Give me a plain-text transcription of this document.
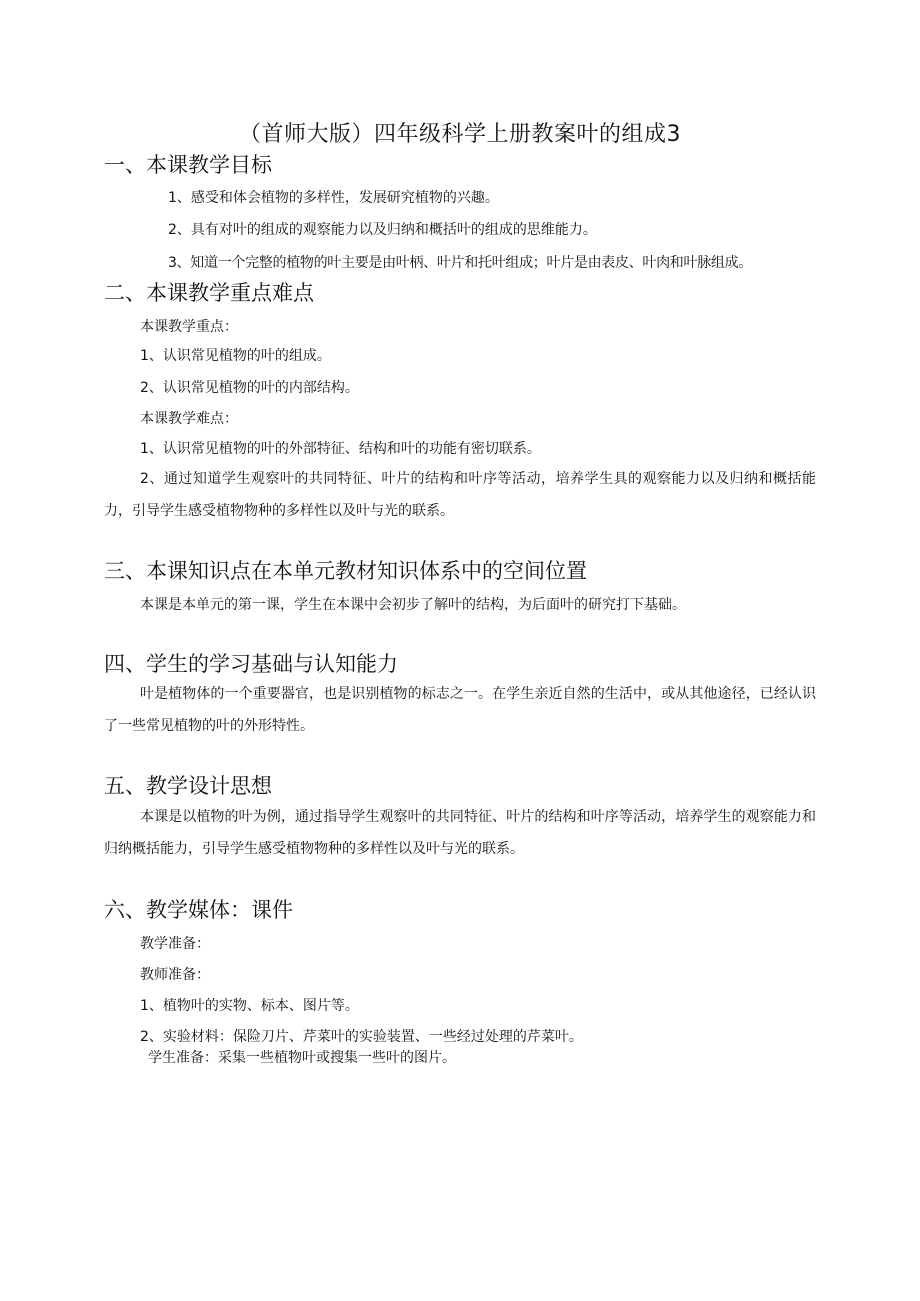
（首师大版）四年级科学上册教案叶的组成3
一、本课教学目标
1、感受和体会植物的多样性，发展研究植物的兴趣。
2、具有对叶的组成的观察能力以及归纳和概括叶的组成的思维能力。
3、知道一个完整的植物的叶主要是由叶柄、叶片和托叶组成；叶片是由表皮、叶肉和叶脉组成。
二、本课教学重点难点
本课教学重点：
1、认识常见植物的叶的组成。
2、认识常见植物的叶的内部结构。
本课教学难点：
1、认识常见植物的叶的外部特征、结构和叶的功能有密切联系。
2、通过知道学生观察叶的共同特征、叶片的结构和叶序等活动，培养学生具的观察能力以及归纳和概括能力，引导学生感受植物物种的多样性以及叶与光的联系。
三、本课知识点在本单元教材知识体系中的空间位置
本课是本单元的第一课，学生在本课中会初步了解叶的结构，为后面叶的研究打下基础。
四、学生的学习基础与认知能力
叶是植物体的一个重要器官，也是识别植物的标志之一。在学生亲近自然的生活中，或从其他途径，已经认识了一些常见植物的叶的外形特性。
五、教学设计思想
本课是以植物的叶为例，通过指导学生观察叶的共同特征、叶片的结构和叶序等活动，培养学生的观察能力和归纳概括能力，引导学生感受植物物种的多样性以及叶与光的联系。
六、教学媒体：课件
教学准备：
教师准备：
1、植物叶的实物、标本、图片等。
2、实验材料：保险刀片、芹菜叶的实验装置、一些经过处理的芹菜叶。
学生准备：采集一些植物叶或搜集一些叶的图片。
